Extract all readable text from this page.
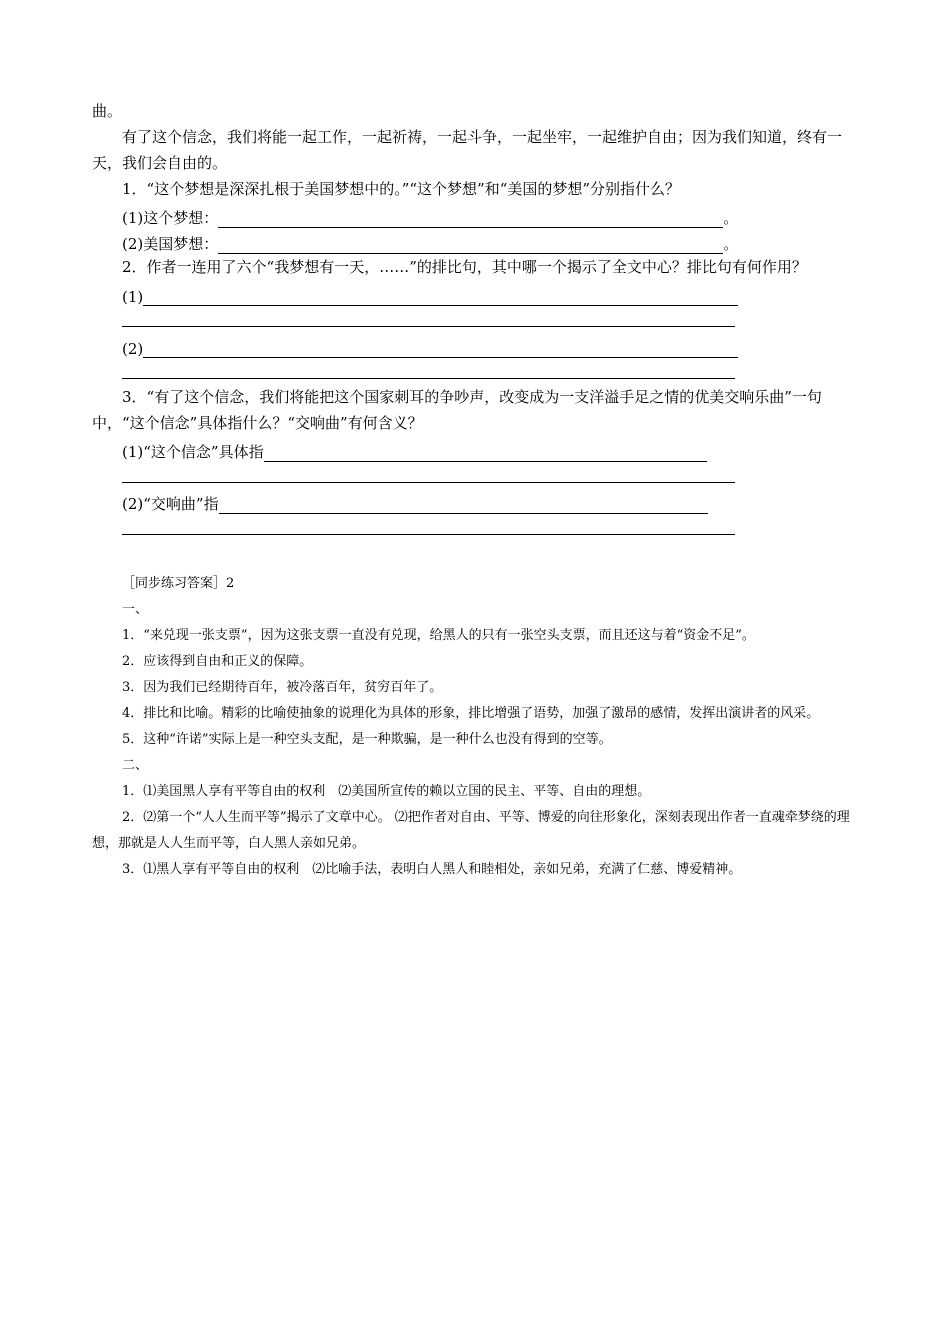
曲。

有了这个信念，我们将能一起工作，一起祈祷，一起斗争，一起坐牢，一起维护自由；因为我们知道，终有一天，我们会自由的。

1．“这个梦想是深深扎根于美国梦想中的。”“这个梦想”和“美国的梦想”分别指什么？

(1)这个梦想：	。
(2)美国梦想：	。

2．作者一连用了六个“我梦想有一天，……”的排比句，其中哪一个揭示了全文中心？排比句有何作用？

(1)
(2)

3．“有了这个信念，我们将能把这个国家刺耳的争吵声，改变成为一支洋溢手足之情的优美交响乐曲”一句中，“这个信念”具体指什么？“交响曲”有何含义？

(1)“这个信念”具体指
(2)“交响曲”指

［同步练习答案］2

一、

1．“来兑现一张支票”，因为这张支票一直没有兑现，给黑人的只有一张空头支票，而且还这与着“资金不足”。

2．应该得到自由和正义的保障。

3．因为我们已经期待百年，被冷落百年，贫穷百年了。

4．排比和比喻。精彩的比喻使抽象的说理化为具体的形象，排比增强了语势，加强了激昂的感情，发挥出演讲者的风采。

5．这种“许诺”实际上是一种空头支配，是一种欺骗，是一种什么也没有得到的空等。

二、

1．⑴美国黑人享有平等自由的权利　⑵美国所宣传的赖以立国的民主、平等、自由的理想。

2．⑵第一个“人人生而平等”揭示了文章中心。 ⑵把作者对自由、平等、博爱的向往形象化，深刻表现出作者一直魂牵梦绕的理想，那就是人人生而平等，白人黑人亲如兄弟。

3．⑴黑人享有平等自由的权利　⑵比喻手法，表明白人黑人和睦相处，亲如兄弟，充满了仁慈、博爱精神。
